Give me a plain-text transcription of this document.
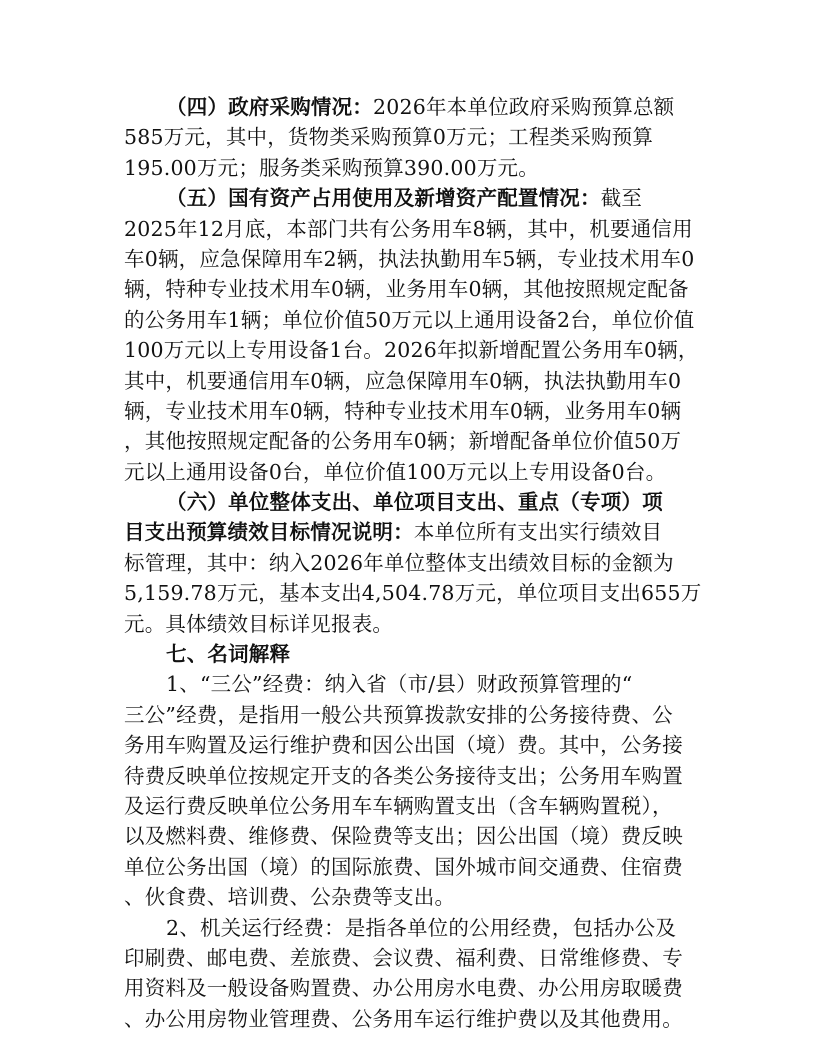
（四）政府采购情况：2026年本单位政府采购预算总额
585万元，其中，货物类采购预算0万元；工程类采购预算
195.00万元；服务类采购预算390.00万元。
（五）国有资产占用使用及新增资产配置情况：截至
2025年12月底，本部门共有公务用车8辆，其中，机要通信用
车0辆，应急保障用车2辆，执法执勤用车5辆，专业技术用车0
辆，特种专业技术用车0辆，业务用车0辆，其他按照规定配备
的公务用车1辆；单位价值50万元以上通用设备2台，单位价值
100万元以上专用设备1台。2026年拟新增配置公务用车0辆，
其中，机要通信用车0辆，应急保障用车0辆，执法执勤用车0
辆，专业技术用车0辆，特种专业技术用车0辆，业务用车0辆
，其他按照规定配备的公务用车0辆；新增配备单位价值50万
元以上通用设备0台，单位价值100万元以上专用设备0台。
（六）单位整体支出、单位项目支出、重点（专项）项
目支出预算绩效目标情况说明：本单位所有支出实行绩效目
标管理，其中：纳入2026年单位整体支出绩效目标的金额为
5,159.78万元，基本支出4,504.78万元，单位项目支出655万
元。具体绩效目标详见报表。
七、名词解释
1、“三公”经费：纳入省（市/县）财政预算管理的“
三公”经费，是指用一般公共预算拨款安排的公务接待费、公
务用车购置及运行维护费和因公出国（境）费。其中，公务接
待费反映单位按规定开支的各类公务接待支出；公务用车购置
及运行费反映单位公务用车车辆购置支出（含车辆购置税），
以及燃料费、维修费、保险费等支出；因公出国（境）费反映
单位公务出国（境）的国际旅费、国外城市间交通费、住宿费
、伙食费、培训费、公杂费等支出。
2、机关运行经费：是指各单位的公用经费，包括办公及
印刷费、邮电费、差旅费、会议费、福利费、日常维修费、专
用资料及一般设备购置费、办公用房水电费、办公用房取暖费
、办公用房物业管理费、公务用车运行维护费以及其他费用。
